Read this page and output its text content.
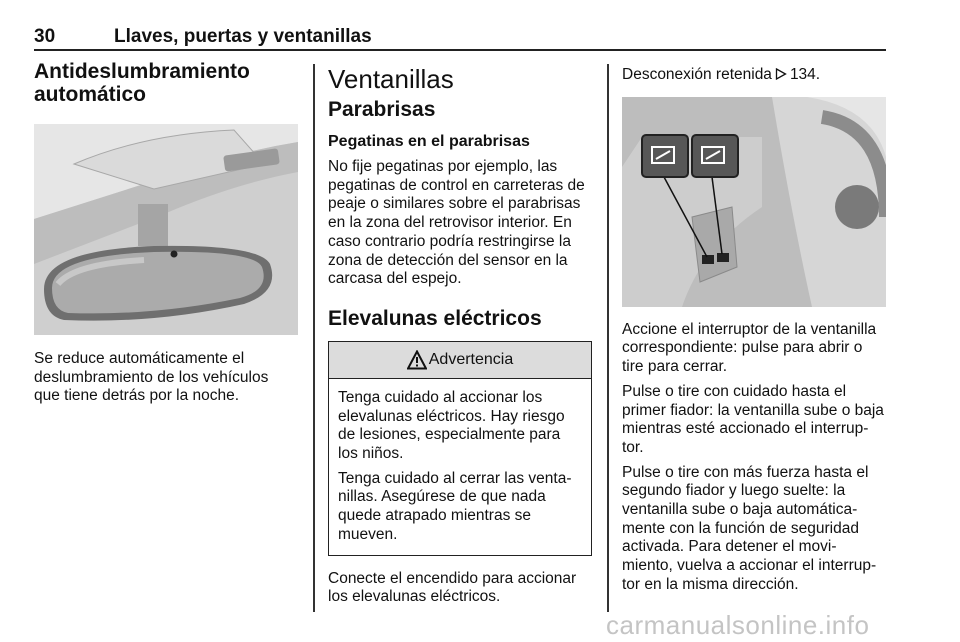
30	Llaves, puertas y ventanillas
Antideslumbramiento automático

Se reduce automáticamente el deslumbramiento de los vehículos que tiene detrás por la noche.

Ventanillas
Parabrisas
Pegatinas en el parabrisas

No fije pegatinas por ejemplo, las pegatinas de control en carreteras de peaje o similares sobre el parabrisas en la zona del retrovisor interior. En caso contrario podría restringirse la zona de detección del sensor en la carcasa del espejo.

Elevalunas eléctricos
Advertencia

Tenga cuidado al accionar los elevalunas eléctricos. Hay riesgo de lesiones, especialmente para los niños.

Tenga cuidado al cerrar las venta-nillas. Asegúrese de que nada quede atrapado mientras se mueven.

Conecte el encendido para accionar los elevalunas eléctricos.

Desconexión retenida 134.

Accione el interruptor de la ventanilla correspondiente: pulse para abrir o tire para cerrar.

Pulse o tire con cuidado hasta el primer fiador: la ventanilla sube o baja mientras esté accionado el interrup-tor.

Pulse o tire con más fuerza hasta el segundo fiador y luego suelte: la ventanilla sube o baja automática-mente con la función de seguridad activada. Para detener el movi-miento, vuelva a accionar el interrup-tor en la misma dirección.

carmanualsonline.info
